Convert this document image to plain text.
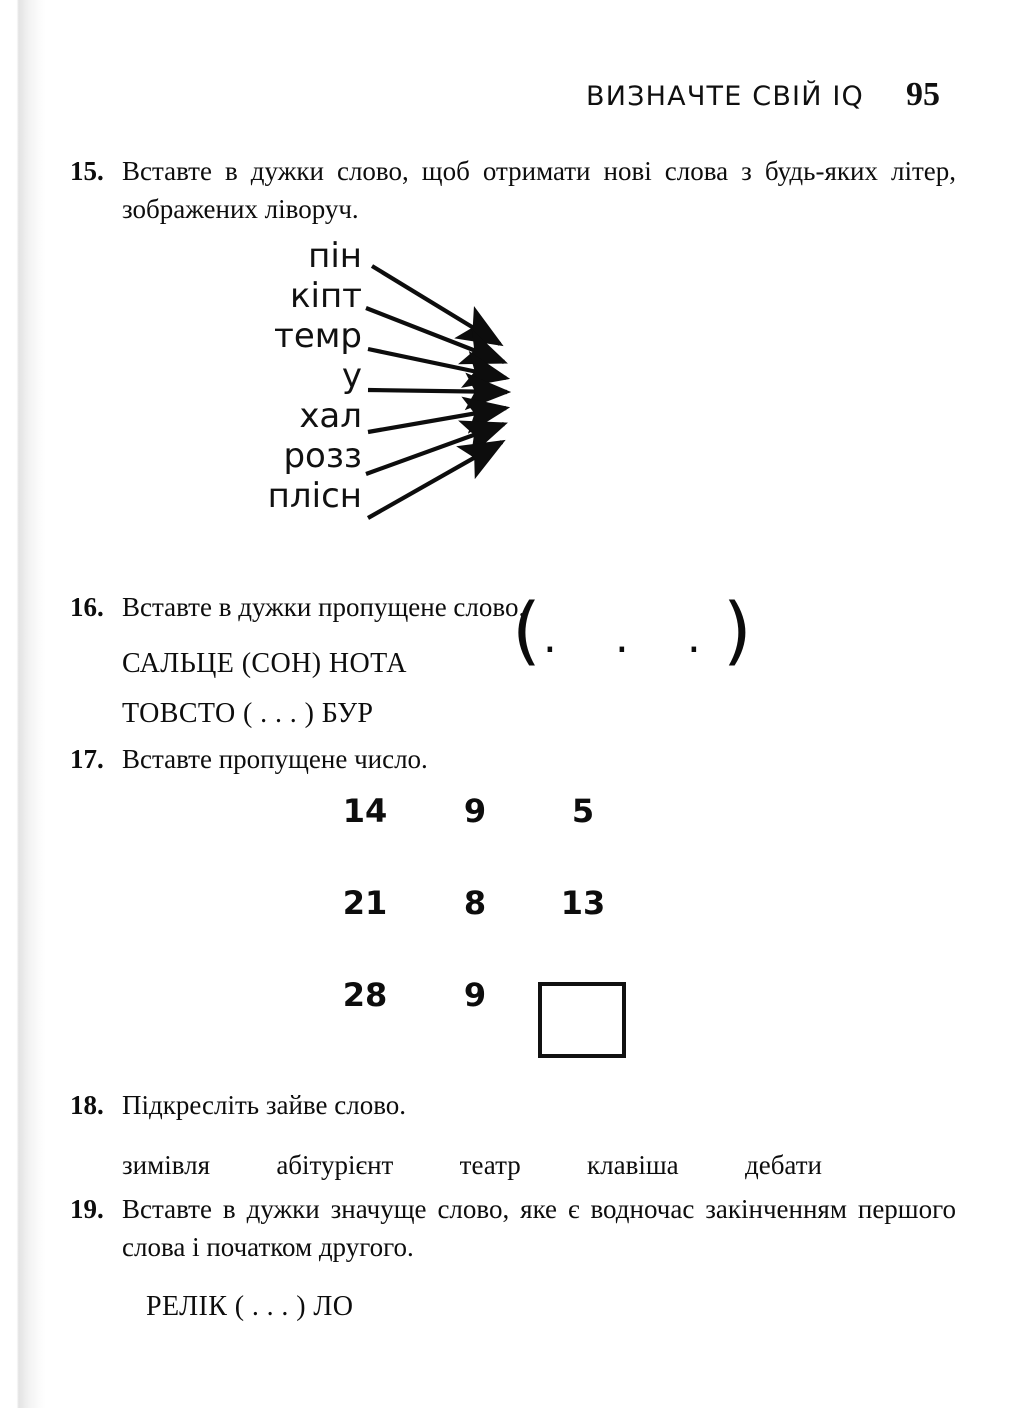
ВИЗНАЧТЕ СВІЙ IQ 95
15. Вставте в дужки слово, щоб отримати нові слова з будь-яких літер, зображених ліворуч.
пін
кіпт
темр
у
хал
розз
плісн
(. . .)
16. Вставте в дужки пропущене слово.
САЛЬЦЕ (СОН) НОТА
ТОВСТО ( . . . ) БУР
17. Вставте пропущене число.
14	9	5
21	8	13
28	9
18. Підкресліть зайве слово.
зимівля абітурієнт театр клавіша дебати
19. Вставте в дужки значуще слово, яке є водночас закінченням першого слова і початком другого.
РЕЛІК ( . . . ) ЛО
